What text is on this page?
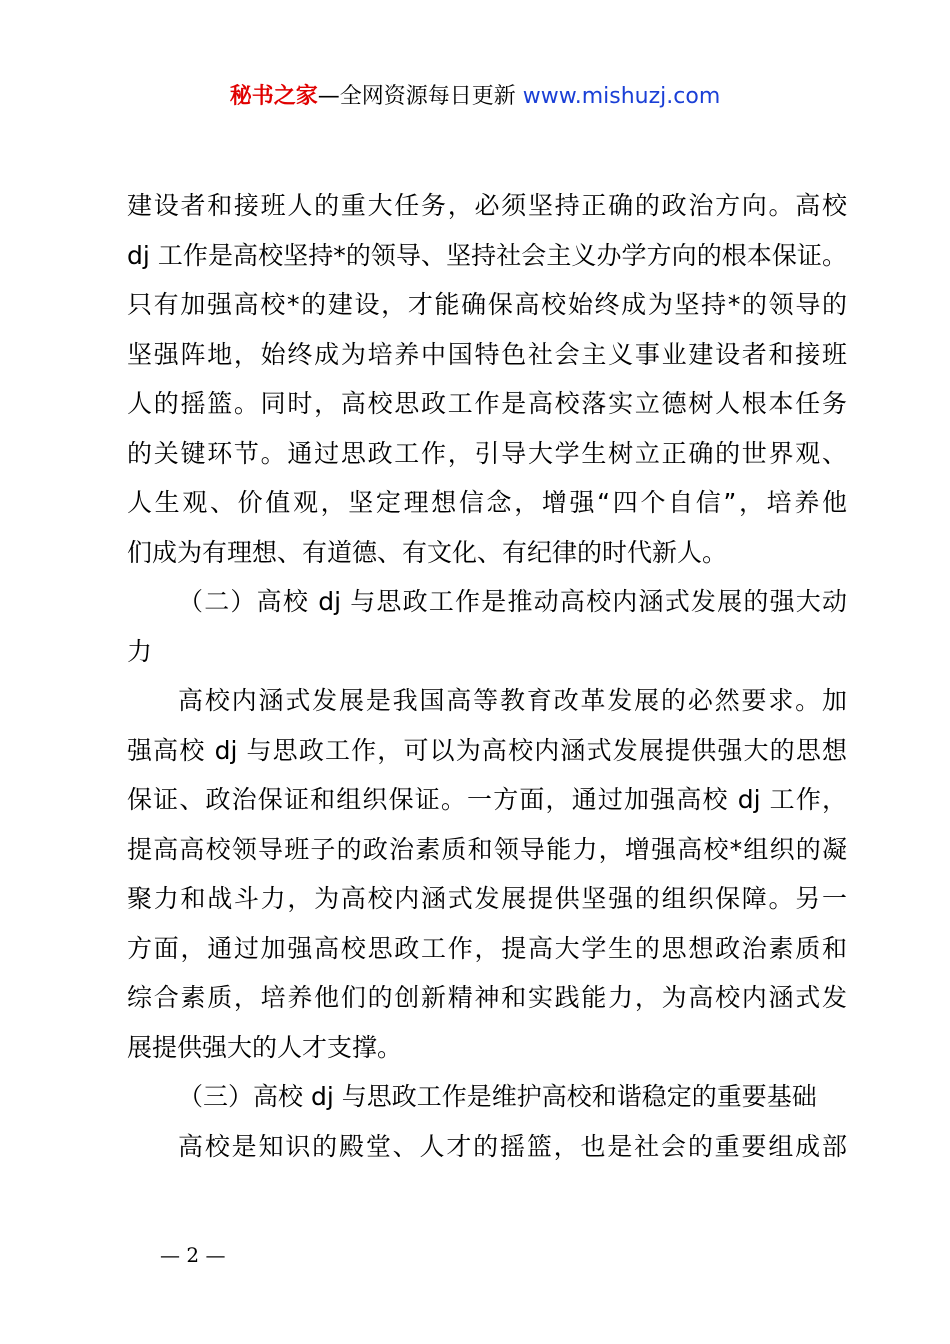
秘书之家—全网资源每日更新 www.mishuzj.com
建设者和接班人的重大任务，必须坚持正确的政治方向。高校
dj 工作是高校坚持*的领导、坚持社会主义办学方向的根本保证。
只有加强高校*的建设，才能确保高校始终成为坚持*的领导的
坚强阵地，始终成为培养中国特色社会主义事业建设者和接班
人的摇篮。同时，高校思政工作是高校落实立德树人根本任务
的关键环节。通过思政工作，引导大学生树立正确的世界观、
人生观、价值观，坚定理想信念，增强“四个自信”，培养他
们成为有理想、有道德、有文化、有纪律的时代新人。
（二）高校 dj 与思政工作是推动高校内涵式发展的强大动
力
高校内涵式发展是我国高等教育改革发展的必然要求。加
强高校 dj 与思政工作，可以为高校内涵式发展提供强大的思想
保证、政治保证和组织保证。一方面，通过加强高校 dj 工作，
提高高校领导班子的政治素质和领导能力，增强高校*组织的凝
聚力和战斗力，为高校内涵式发展提供坚强的组织保障。另一
方面，通过加强高校思政工作，提高大学生的思想政治素质和
综合素质，培养他们的创新精神和实践能力，为高校内涵式发
展提供强大的人才支撑。
（三）高校 dj 与思政工作是维护高校和谐稳定的重要基础
高校是知识的殿堂、人才的摇篮，也是社会的重要组成部
— 2 —
